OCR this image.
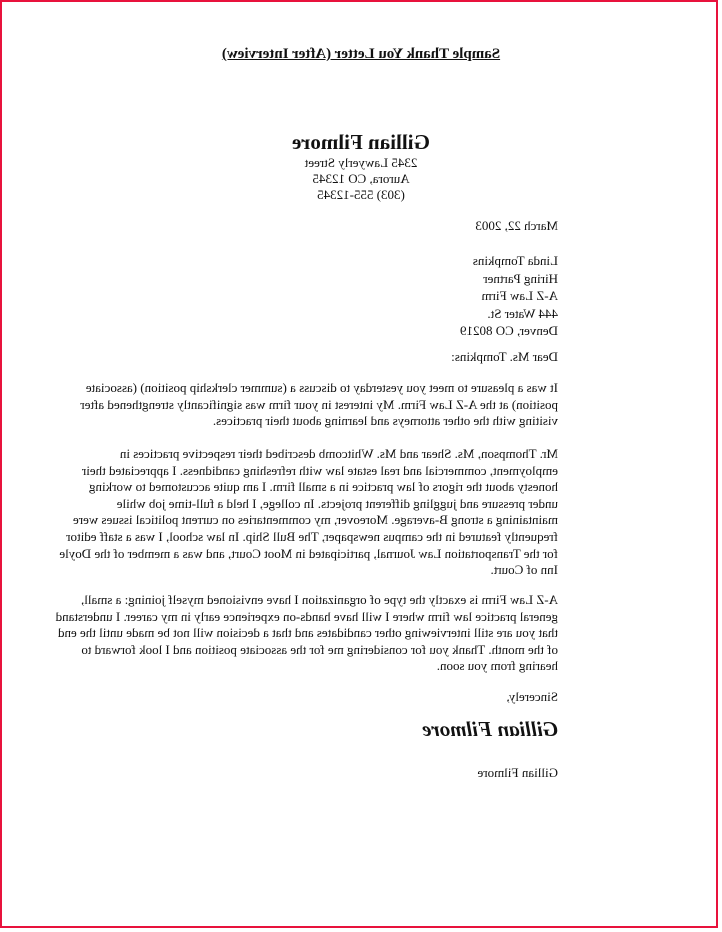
Sample Thank You Letter (After Interview)
Gillian Filmore
2345 Lawyerly Street
Aurora, CO 12345
(303) 555-12345
March 22, 2003
Linda Tompkins
Hiring Partner
A-Z Law Firm
444 Water St.
Denver, CO 80219
Dear Ms. Tompkins:
It was a pleasure to meet you yesterday to discuss a (summer clerkship position) (associate
position) at the A-Z Law Firm. My interest in your firm was significantly strengthened after
visiting with the other attorneys and learning about their practices.
Mr. Thompson, Ms. Shear and Ms. Whitcomb described their respective practices in
employment, commercial and real estate law with refreshing candidness. I appreciated their
honesty about the rigors of law practice in a small firm. I am quite accustomed to working
under pressure and juggling different projects. In college, I held a full-time job while
maintaining a strong B-average. Moreover, my commentaries on current political issues were
frequently featured in the campus newspaper, The Bull Ship. In law school, I was a staff editor
for the Transportation Law Journal, participated in Moot Court, and was a member of the Doyle
Inn of Court.
A-Z Law Firm is exactly the type of organization I have envisioned myself joining: a small,
general practice law firm where I will have hands-on experience early in my career. I understand
that you are still interviewing other candidates and that a decision will not be made until the end
of the month. Thank you for considering me for the associate position and I look forward to
hearing from you soon.
Sincerely,
Gillian Filmore
Gillian Filmore
